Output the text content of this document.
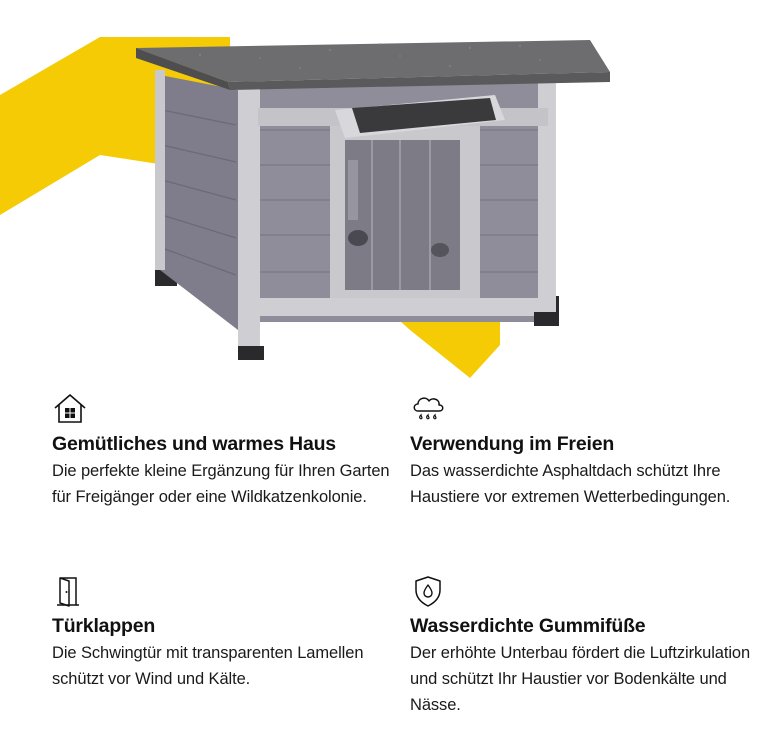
Gemütliches und warmes Haus

Die perfekte kleine Ergänzung für Ihren Garten für Freigänger oder eine Wildkatzenkolonie.

Verwendung im Freien

Das wasserdichte Asphaltdach schützt Ihre Haustiere vor extremen Wetterbedingungen.

Türklappen

Die Schwingtür mit transparenten Lamellen schützt vor Wind und Kälte.

Wasserdichte Gummifüße

Der erhöhte Unterbau fördert die Luftzirkulation und schützt Ihr Haustier vor Bodenkälte und Nässe.
